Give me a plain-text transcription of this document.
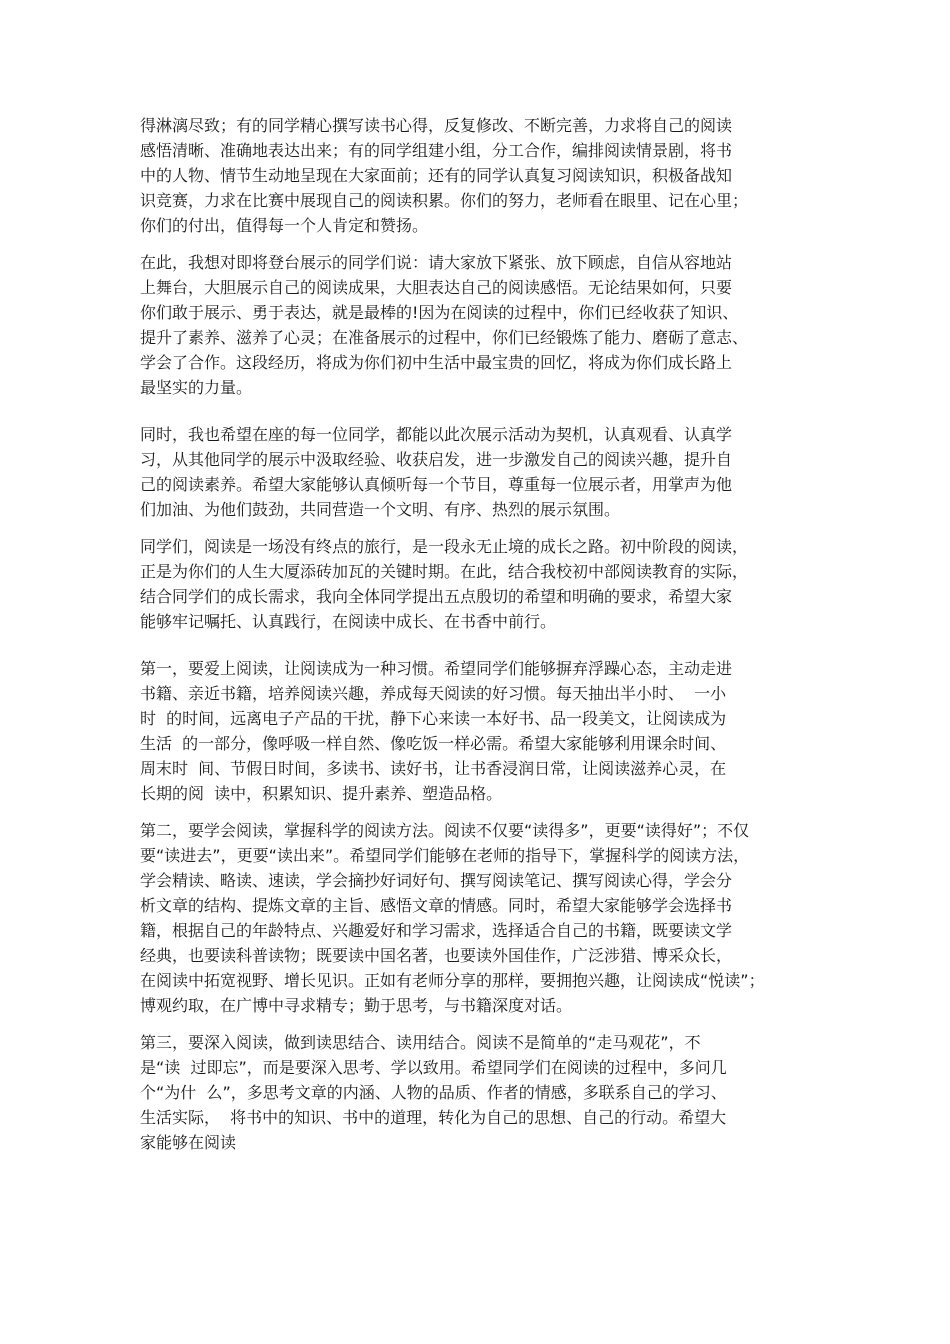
得淋漓尽致；有的同学精心撰写读书心得，反复修改、不断完善，力求将自己的阅读
感悟清晰、准确地表达出来；有的同学组建小组，分工合作，编排阅读情景剧，将书
中的人物、情节生动地呈现在大家面前；还有的同学认真复习阅读知识，积极备战知
识竞赛，力求在比赛中展现自己的阅读积累。你们的努力，老师看在眼里、记在心里；
你们的付出，值得每一个人肯定和赞扬。
在此，我想对即将登台展示的同学们说：请大家放下紧张、放下顾虑，自信从容地站
上舞台，大胆展示自己的阅读成果，大胆表达自己的阅读感悟。无论结果如何，只要
你们敢于展示、勇于表达，就是最棒的!因为在阅读的过程中，你们已经收获了知识、
提升了素养、滋养了心灵；在准备展示的过程中，你们已经锻炼了能力、磨砺了意志、
学会了合作。这段经历，将成为你们初中生活中最宝贵的回忆，将成为你们成长路上
最坚实的力量。
同时，我也希望在座的每一位同学，都能以此次展示活动为契机，认真观看、认真学
习，从其他同学的展示中汲取经验、收获启发，进一步激发自己的阅读兴趣，提升自
己的阅读素养。希望大家能够认真倾听每一个节目，尊重每一位展示者，用掌声为他
们加油、为他们鼓劲，共同营造一个文明、有序、热烈的展示氛围。
同学们，阅读是一场没有终点的旅行，是一段永无止境的成长之路。初中阶段的阅读，
正是为你们的人生大厦添砖加瓦的关键时期。在此，结合我校初中部阅读教育的实际，
结合同学们的成长需求，我向全体同学提出五点殷切的希望和明确的要求，希望大家
能够牢记嘱托、认真践行，在阅读中成长、在书香中前行。
第一，要爱上阅读，让阅读成为一种习惯。希望同学们能够摒弃浮躁心态，主动走进
书籍、亲近书籍，培养阅读兴趣，养成每天阅读的好习惯。每天抽出半小时、  一小
时  的时间，远离电子产品的干扰，静下心来读一本好书、品一段美文，让阅读成为
生活  的一部分，像呼吸一样自然、像吃饭一样必需。希望大家能够利用课余时间、
周末时  间、节假日时间，多读书、读好书，让书香浸润日常，让阅读滋养心灵，在
长期的阅  读中，积累知识、提升素养、塑造品格。
第二，要学会阅读，掌握科学的阅读方法。阅读不仅要“读得多”，更要“读得好”；不仅
要“读进去”，更要“读出来”。希望同学们能够在老师的指导下，掌握科学的阅读方法，
学会精读、略读、速读，学会摘抄好词好句、撰写阅读笔记、撰写阅读心得，学会分
析文章的结构、提炼文章的主旨、感悟文章的情感。同时，希望大家能够学会选择书
籍，根据自己的年龄特点、兴趣爱好和学习需求，选择适合自己的书籍，既要读文学
经典，也要读科普读物；既要读中国名著，也要读外国佳作，广泛涉猎、博采众长，
在阅读中拓宽视野、增长见识。正如有老师分享的那样，要拥抱兴趣，让阅读成“悦读”；
博观约取，在广博中寻求精专；勤于思考，与书籍深度对话。
第三，要深入阅读，做到读思结合、读用结合。阅读不是简单的“走马观花”，不
是“读  过即忘”，而是要深入思考、学以致用。希望同学们在阅读的过程中，多问几
个“为什  么”，多思考文章的内涵、人物的品质、作者的情感，多联系自己的学习、
生活实际，  将书中的知识、书中的道理，转化为自己的思想、自己的行动。希望大
家能够在阅读
